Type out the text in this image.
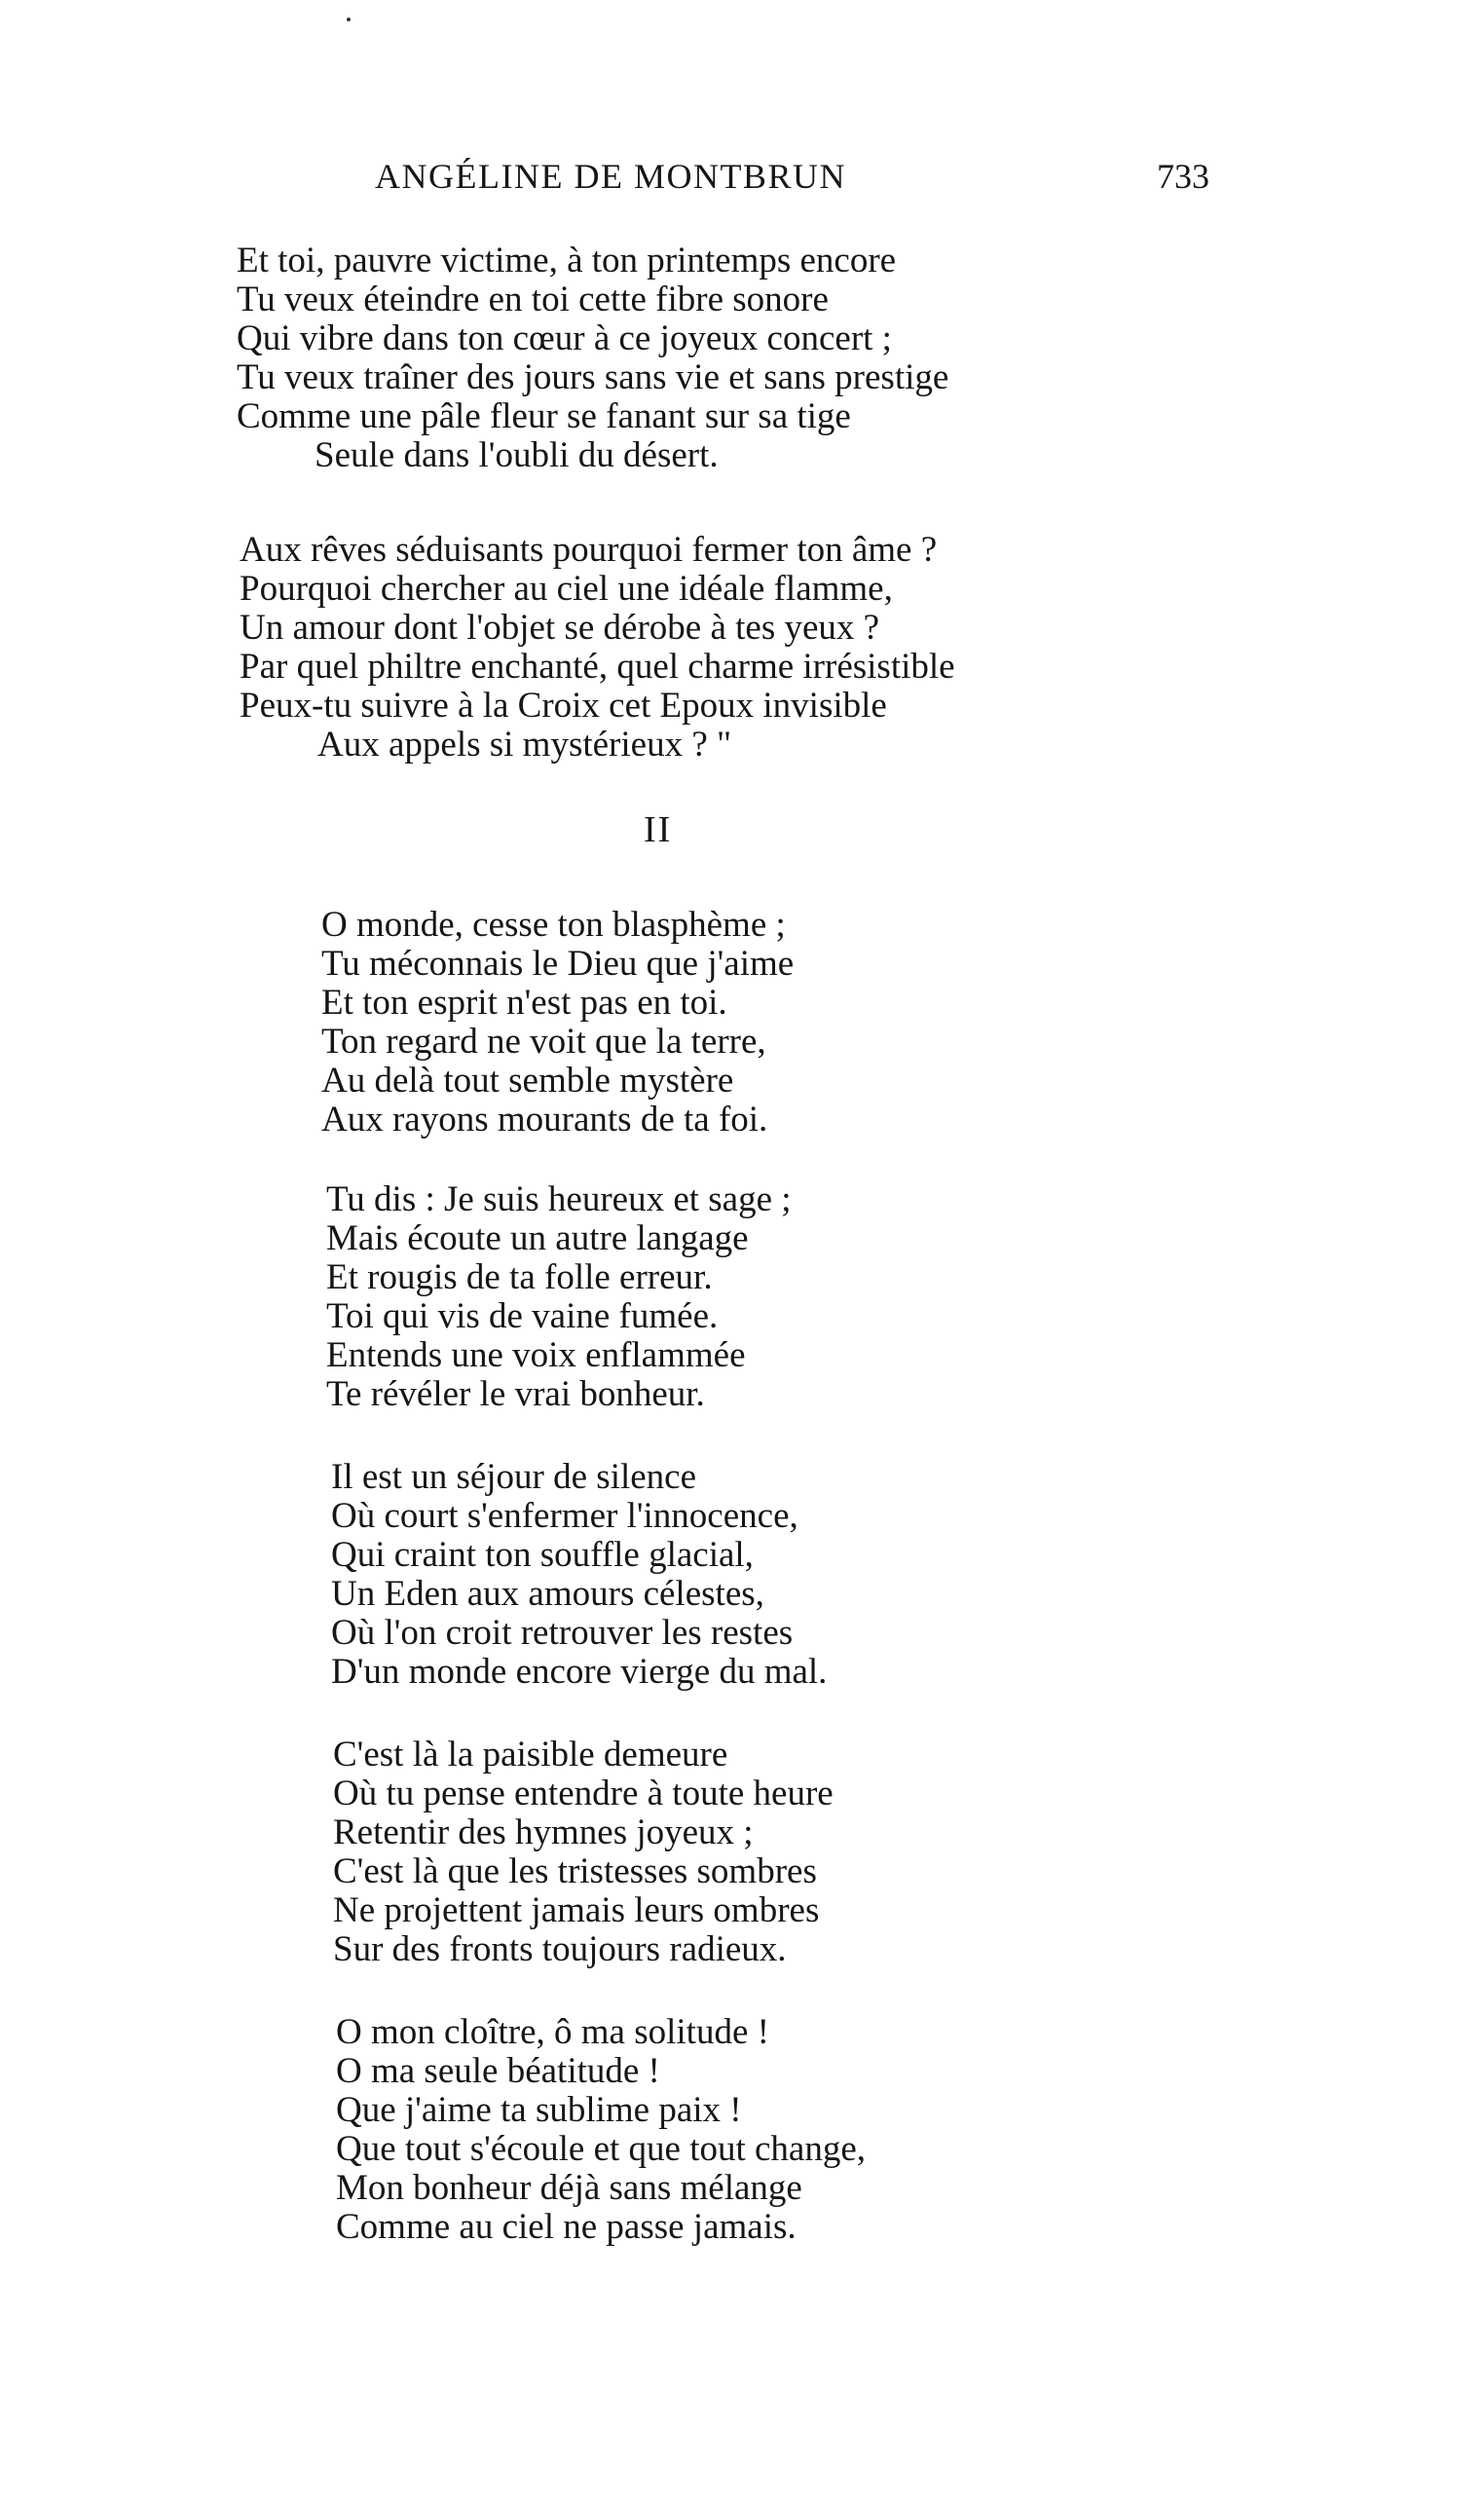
ANGÉLINE DE MONTBRUN	733
Et toi, pauvre victime, à ton printemps encore
Tu veux éteindre en toi cette fibre sonore
Qui vibre dans ton cœur à ce joyeux concert ;
Tu veux traîner des jours sans vie et sans prestige
Comme une pâle fleur se fanant sur sa tige
Seule dans l'oubli du désert.
Aux rêves séduisants pourquoi fermer ton âme ?
Pourquoi chercher au ciel une idéale flamme,
Un amour dont l'objet se dérobe à tes yeux ?
Par quel philtre enchanté, quel charme irrésistible
Peux-tu suivre à la Croix cet Epoux invisible
Aux appels si mystérieux ? "
II
O monde, cesse ton blasphème ;
Tu méconnais le Dieu que j'aime
Et ton esprit n'est pas en toi.
Ton regard ne voit que la terre,
Au delà tout semble mystère
Aux rayons mourants de ta foi.
Tu dis : Je suis heureux et sage ;
Mais écoute un autre langage
Et rougis de ta folle erreur.
Toi qui vis de vaine fumée.
Entends une voix enflammée
Te révéler le vrai bonheur.
Il est un séjour de silence
Où court s'enfermer l'innocence,
Qui craint ton souffle glacial,
Un Eden aux amours célestes,
Où l'on croit retrouver les restes
D'un monde encore vierge du mal.
C'est là la paisible demeure
Où tu pense entendre à toute heure
Retentir des hymnes joyeux ;
C'est là que les tristesses sombres
Ne projettent jamais leurs ombres
Sur des fronts toujours radieux.
O mon cloître, ô ma solitude !
O ma seule béatitude !
Que j'aime ta sublime paix !
Que tout s'écoule et que tout change,
Mon bonheur déjà sans mélange
Comme au ciel ne passe jamais.
